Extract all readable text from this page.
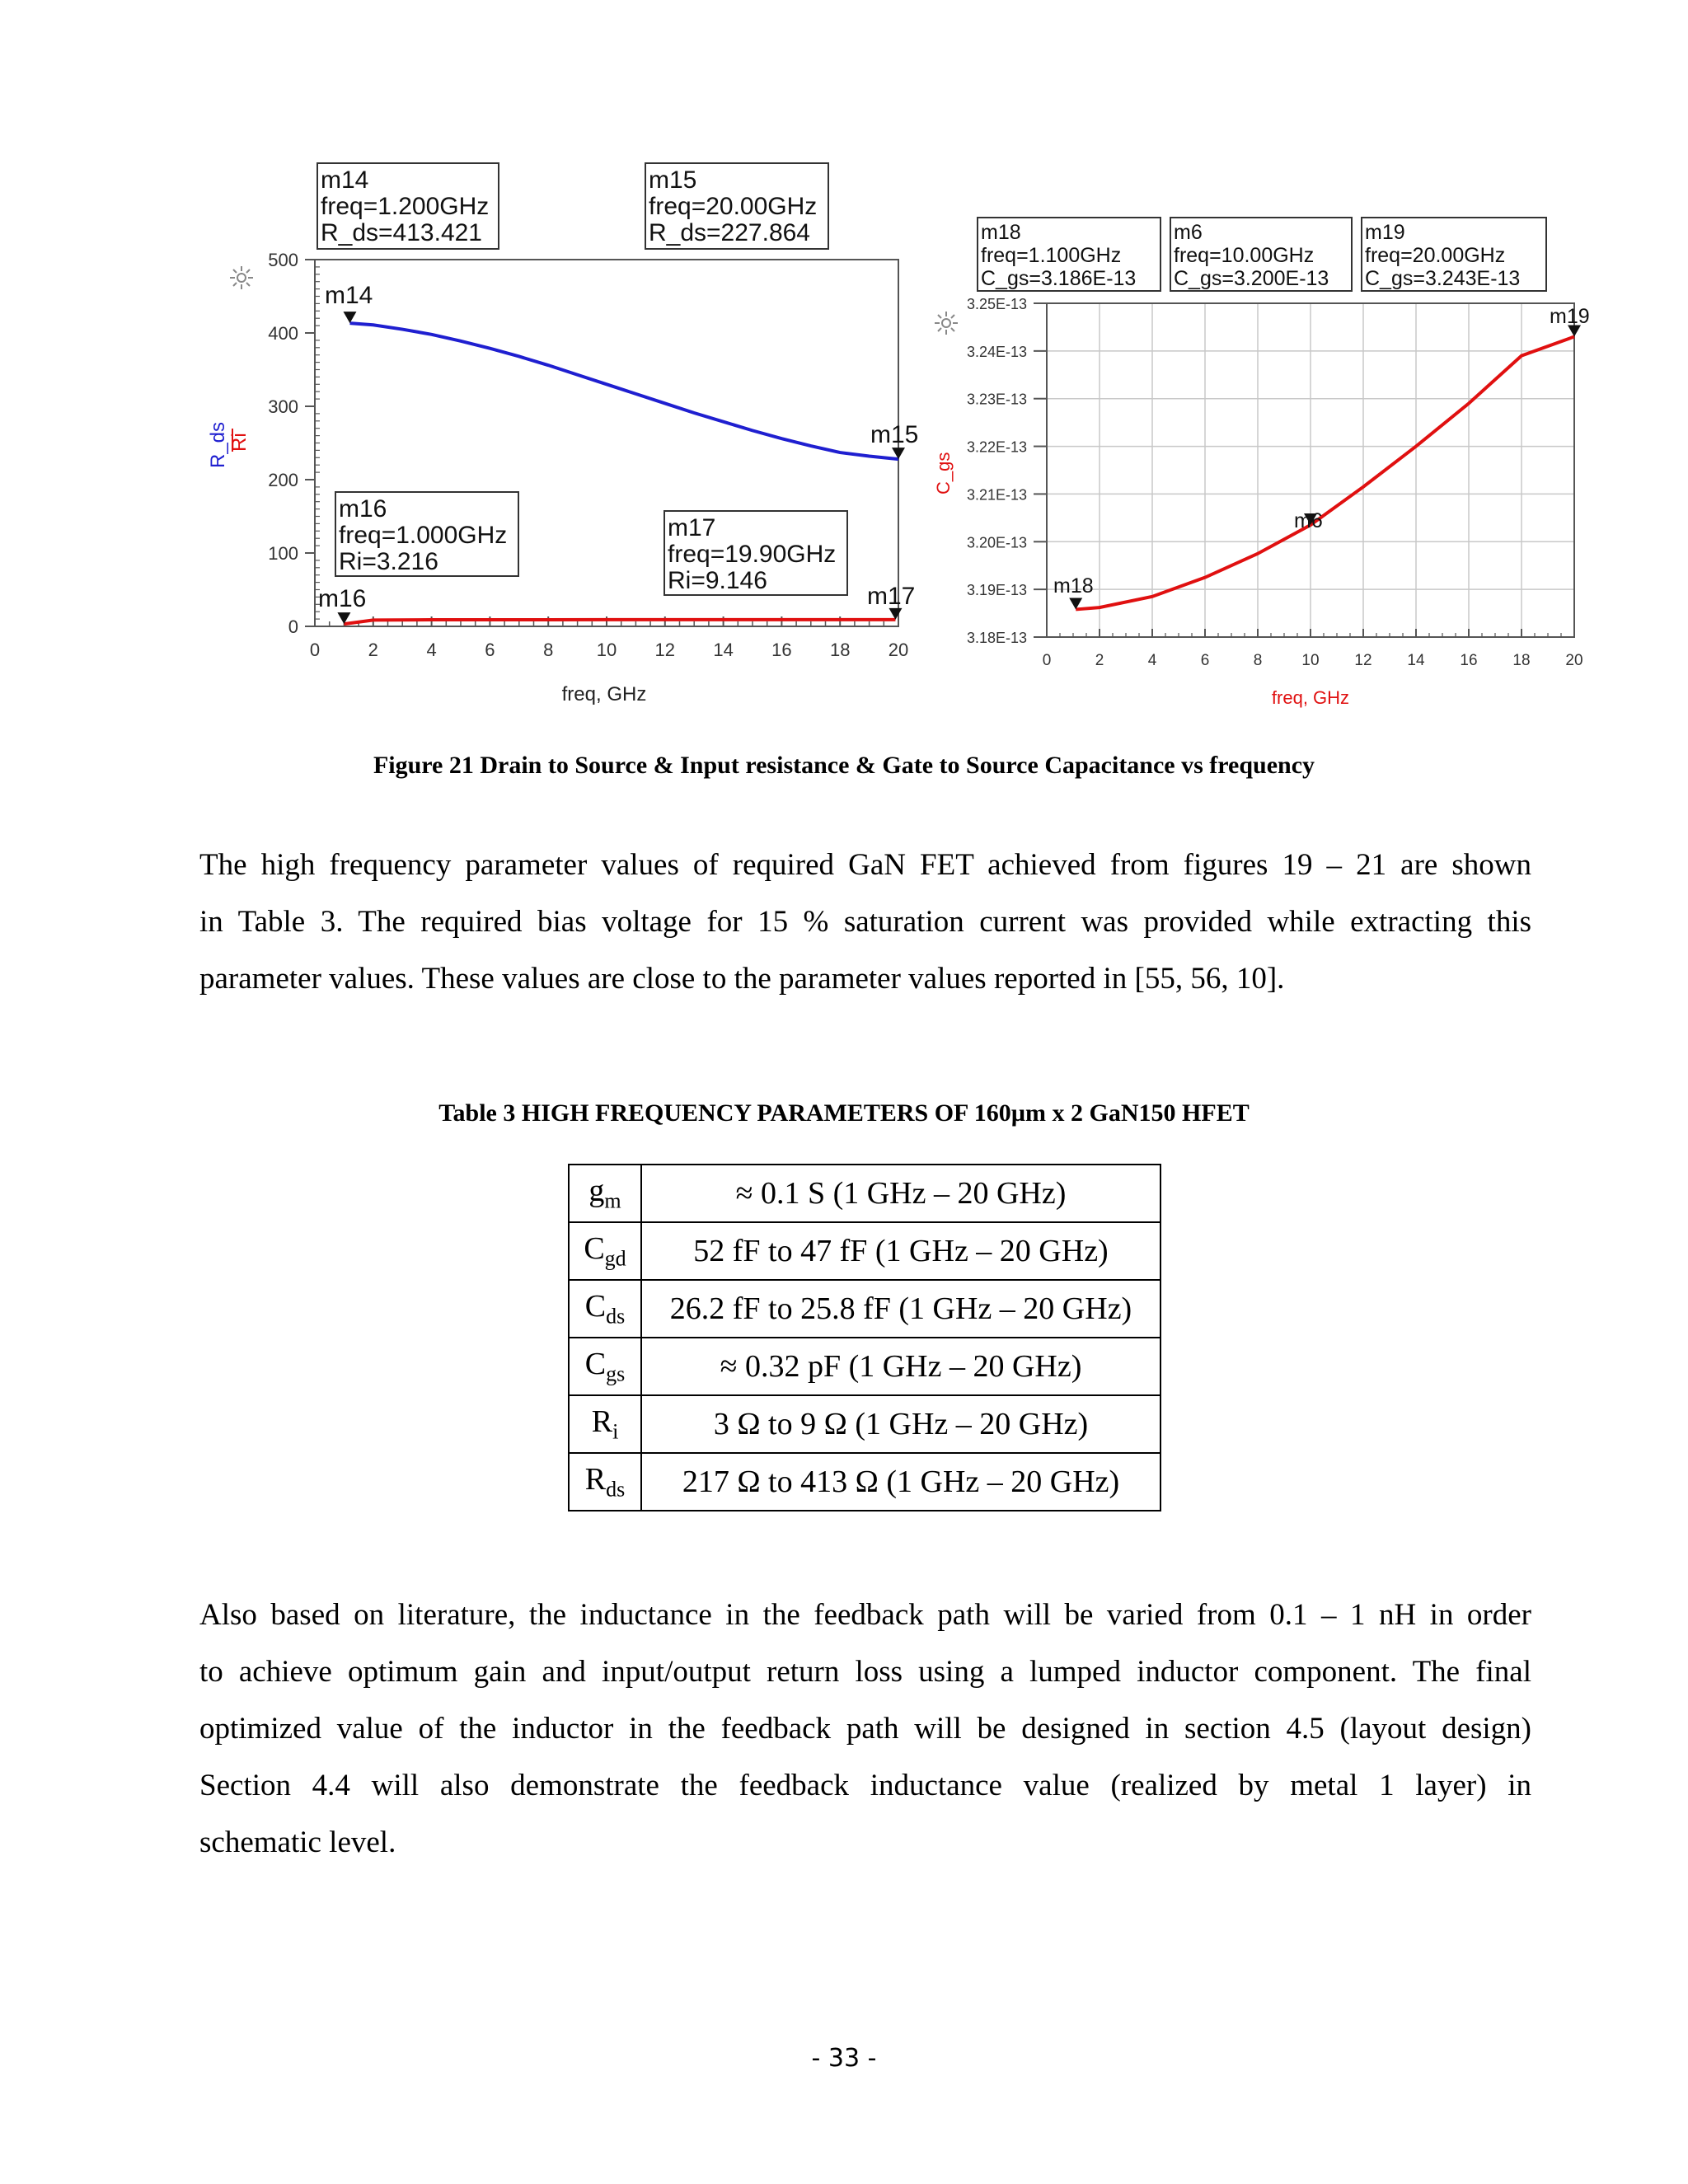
0	2	4	6	8 10 12 14 16 18 20
0
100
200
300
400
500
m14
freq=1.200GHz
R_ds=413.421
m14
m15
freq=20.00GHz
R_ds=227.864
m15
m16
freq=1.000GHz
Ri=3.216
m16
m17
freq=19.90GHz
Ri=9.146
m17
R_ds Ri
freq, GHz
0	2	4	6	8	10 12 14 16 18 20
3.18E-13
3.19E-13
3.20E-13
3.21E-13
3.22E-13
3.23E-13
3.24E-13
3.25E-13
m18
freq=1.100GHz
C_gs=3.186E-13
m18
m6
freq=10.00GHz
C_gs=3.200E-13
m6
m19
freq=20.00GHz
C_gs=3.243E-13
m19
C_gs
freq, GHz
Figure 21 Drain to Source & Input resistance & Gate to Source Capacitance vs frequency
The high frequency parameter values of required GaN FET achieved from figures 19 – 21 are shown
in Table 3. The required bias voltage for 15 % saturation current was provided while extracting this
parameter values. These values are close to the parameter values reported in [55, 56, 10].
Table 3 HIGH FREQUENCY PARAMETERS OF 160µm x 2 GaN150 HFET
$g_m$	≈ 0.1 S (1 GHz – 20 GHz)
$C_{gd}$	52 fF to 47 fF (1 GHz – 20 GHz)
$C_{ds}$	26.2 fF to 25.8 fF (1 GHz – 20 GHz)
$C_{gs}$	≈ 0.32 pF (1 GHz – 20 GHz)
$R_i$	3 Ω to 9 Ω (1 GHz – 20 GHz)
$R_{ds}$	217 Ω to 413 Ω (1 GHz – 20 GHz)
Also based on literature, the inductance in the feedback path will be varied from 0.1 – 1 nH in order
to achieve optimum gain and input/output return loss using a lumped inductor component. The final
optimized value of the inductor in the feedback path will be designed in section 4.5 (layout design)
Section 4.4 will also demonstrate the feedback inductance value (realized by metal 1 layer) in
schematic level.
- 33 -
